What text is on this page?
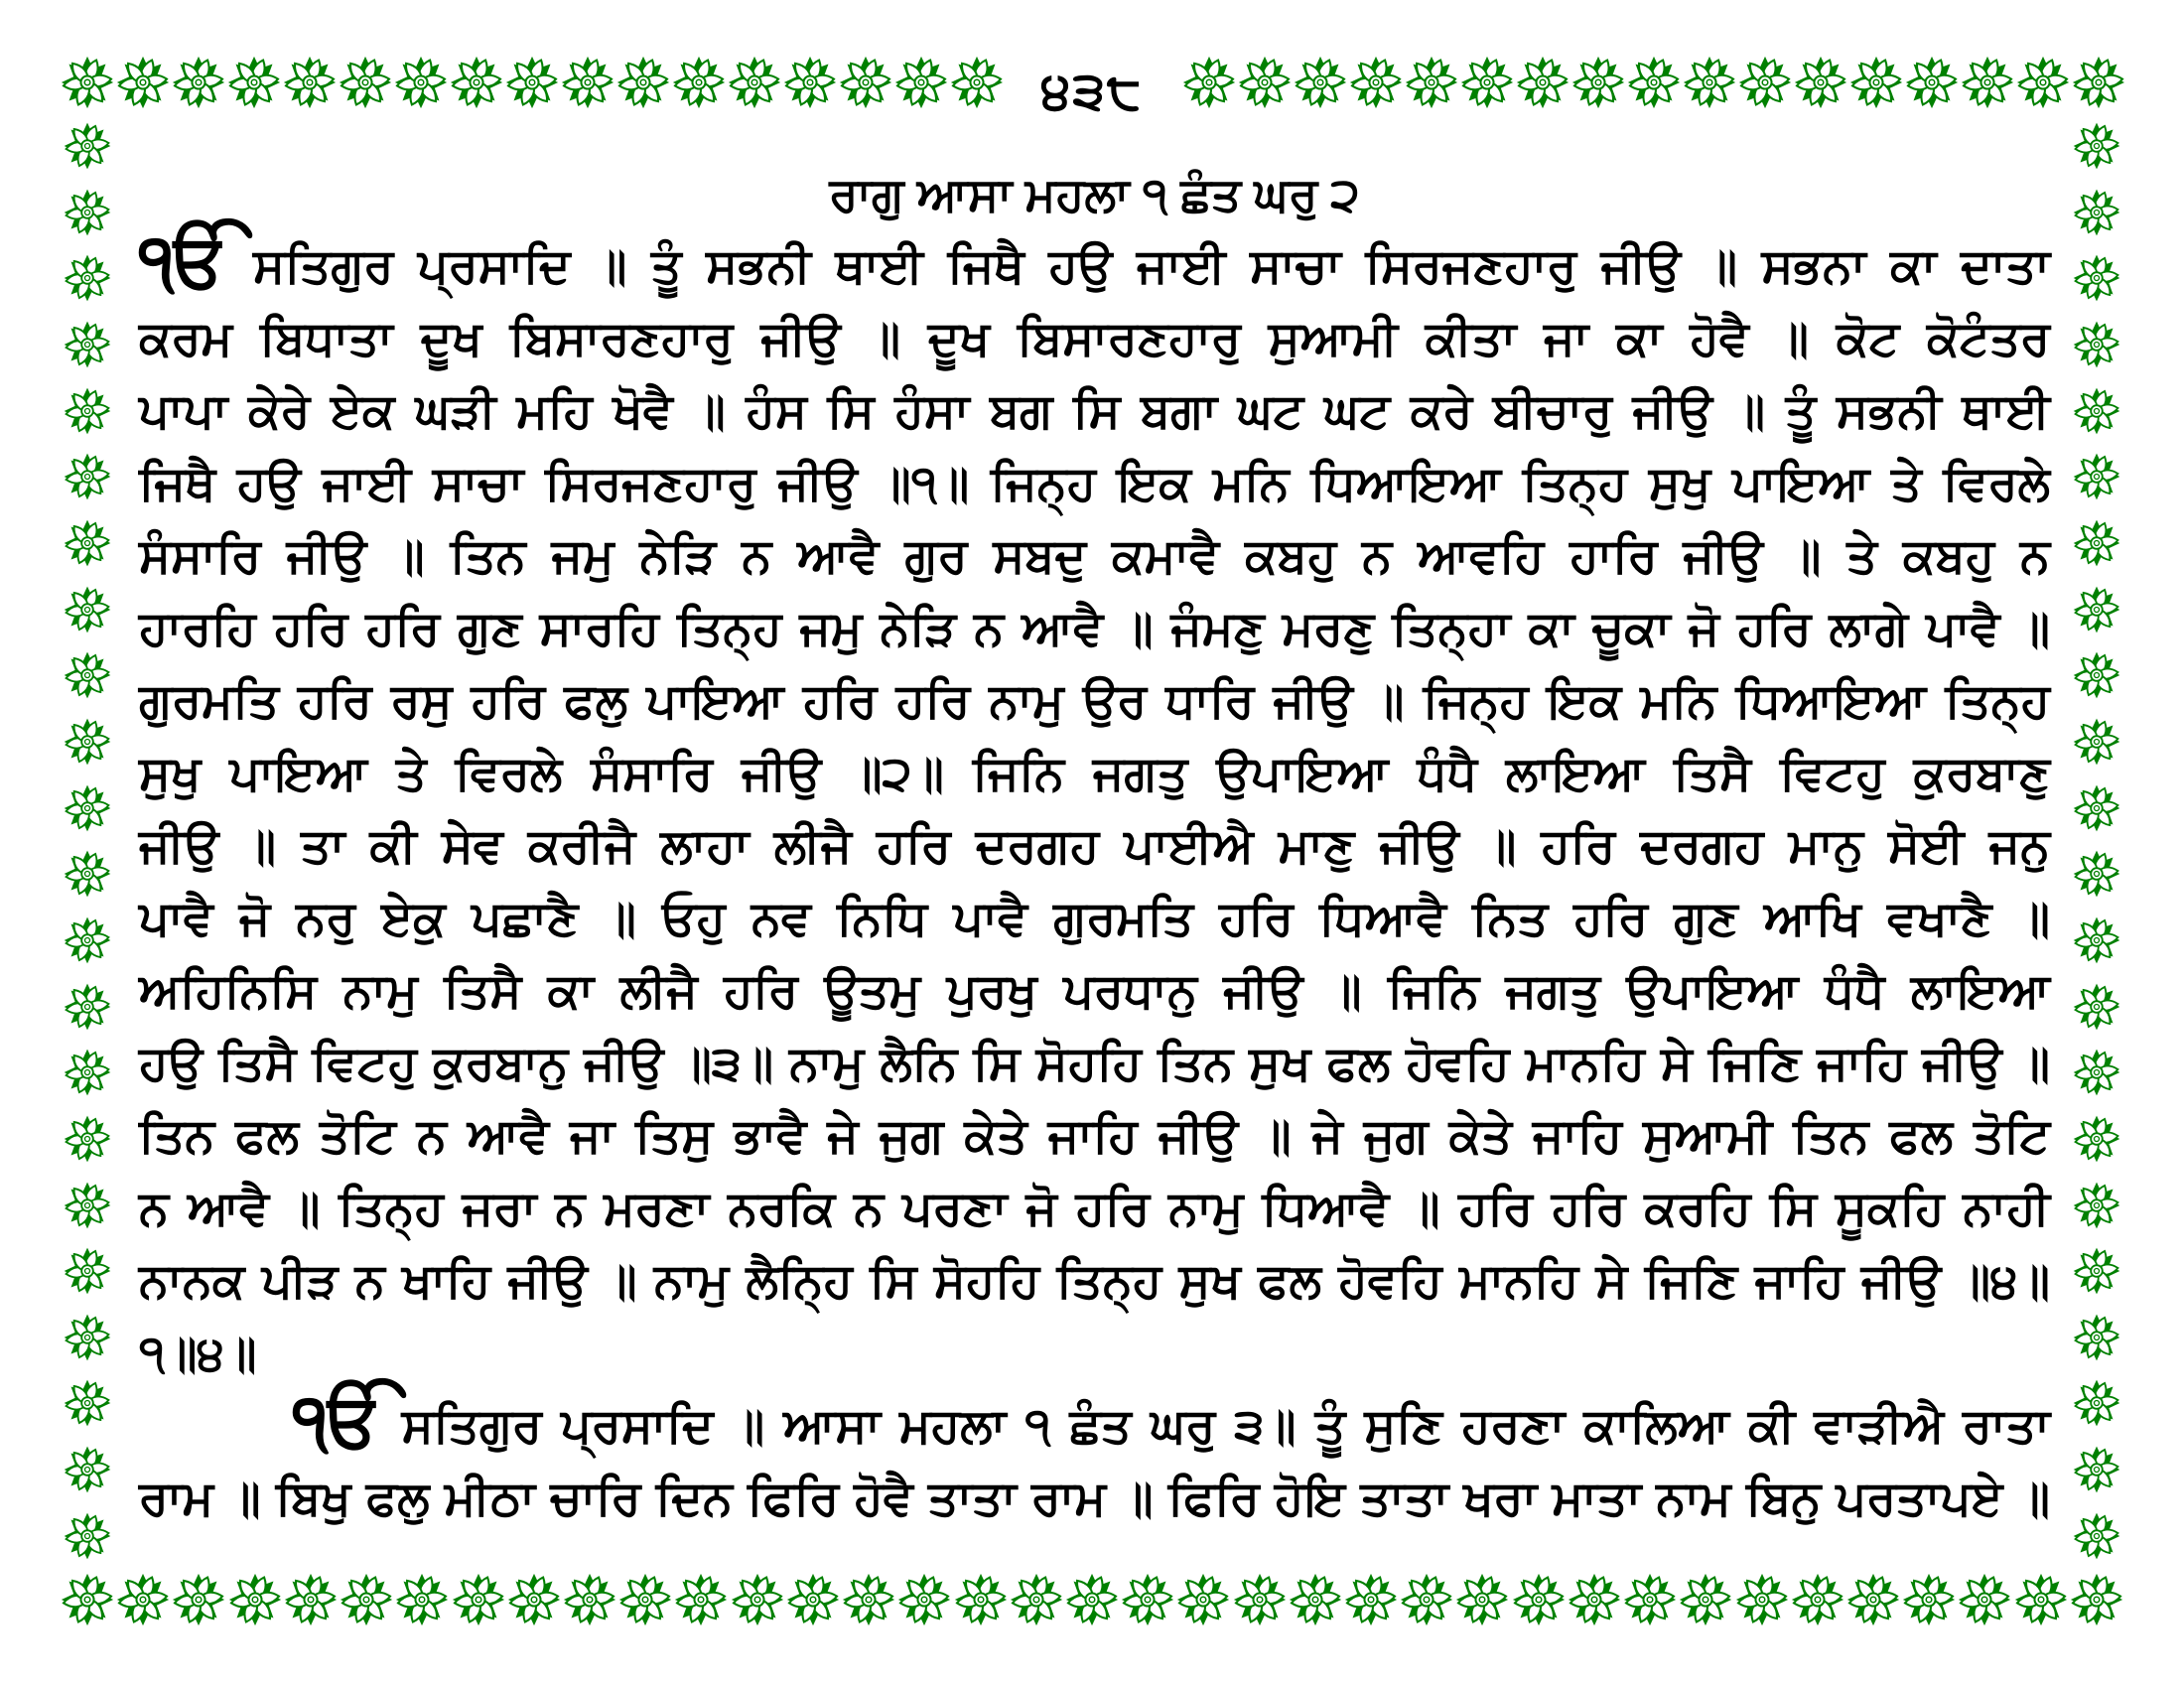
੪੩੮
ਰਾਗੁ ਆਸਾ ਮਹਲਾ ੧ ਛੰਤ ਘਰੁ ੨
ੴ ਸਤਿਗੁਰ ਪ੍ਰਸਾਦਿ ॥ ਤੂੰ ਸਭਨੀ ਥਾਈ ਜਿਥੈ ਹਉ ਜਾਈ ਸਾਚਾ ਸਿਰਜਣਹਾਰੁ ਜੀਉ ॥ ਸਭਨਾ ਕਾ ਦਾਤਾ
ਕਰਮ ਬਿਧਾਤਾ ਦੂਖ ਬਿਸਾਰਣਹਾਰੁ ਜੀਉ ॥ ਦੂਖ ਬਿਸਾਰਣਹਾਰੁ ਸੁਆਮੀ ਕੀਤਾ ਜਾ ਕਾ ਹੋਵੈ ॥ ਕੋਟ ਕੋਟੰਤਰ
ਪਾਪਾ ਕੇਰੇ ਏਕ ਘੜੀ ਮਹਿ ਖੋਵੈ ॥ ਹੰਸ ਸਿ ਹੰਸਾ ਬਗ ਸਿ ਬਗਾ ਘਟ ਘਟ ਕਰੇ ਬੀਚਾਰੁ ਜੀਉ ॥ ਤੂੰ ਸਭਨੀ ਥਾਈ
ਜਿਥੈ ਹਉ ਜਾਈ ਸਾਚਾ ਸਿਰਜਣਹਾਰੁ ਜੀਉ ॥੧॥ ਜਿਨ੍ਹ ਇਕ ਮਨਿ ਧਿਆਇਆ ਤਿਨ੍ਹ ਸੁਖੁ ਪਾਇਆ ਤੇ ਵਿਰਲੇ
ਸੰਸਾਰਿ ਜੀਉ ॥ ਤਿਨ ਜਮੁ ਨੇੜਿ ਨ ਆਵੈ ਗੁਰ ਸਬਦੁ ਕਮਾਵੈ ਕਬਹੁ ਨ ਆਵਹਿ ਹਾਰਿ ਜੀਉ ॥ ਤੇ ਕਬਹੁ ਨ
ਹਾਰਹਿ ਹਰਿ ਹਰਿ ਗੁਣ ਸਾਰਹਿ ਤਿਨ੍ਹ ਜਮੁ ਨੇੜਿ ਨ ਆਵੈ ॥ ਜੰਮਣੁ ਮਰਣੁ ਤਿਨ੍ਹਾ ਕਾ ਚੂਕਾ ਜੋ ਹਰਿ ਲਾਗੇ ਪਾਵੈ ॥
ਗੁਰਮਤਿ ਹਰਿ ਰਸੁ ਹਰਿ ਫਲੁ ਪਾਇਆ ਹਰਿ ਹਰਿ ਨਾਮੁ ਉਰ ਧਾਰਿ ਜੀਉ ॥ ਜਿਨ੍ਹ ਇਕ ਮਨਿ ਧਿਆਇਆ ਤਿਨ੍ਹ
ਸੁਖੁ ਪਾਇਆ ਤੇ ਵਿਰਲੇ ਸੰਸਾਰਿ ਜੀਉ ॥੨॥ ਜਿਨਿ ਜਗਤੁ ਉਪਾਇਆ ਧੰਧੈ ਲਾਇਆ ਤਿਸੈ ਵਿਟਹੁ ਕੁਰਬਾਣੁ
ਜੀਉ ॥ ਤਾ ਕੀ ਸੇਵ ਕਰੀਜੈ ਲਾਹਾ ਲੀਜੈ ਹਰਿ ਦਰਗਹ ਪਾਈਐ ਮਾਣੁ ਜੀਉ ॥ ਹਰਿ ਦਰਗਹ ਮਾਨੁ ਸੋਈ ਜਨੁ
ਪਾਵੈ ਜੋ ਨਰੁ ਏਕੁ ਪਛਾਣੈ ॥ ਓਹੁ ਨਵ ਨਿਧਿ ਪਾਵੈ ਗੁਰਮਤਿ ਹਰਿ ਧਿਆਵੈ ਨਿਤ ਹਰਿ ਗੁਣ ਆਖਿ ਵਖਾਣੈ ॥
ਅਹਿਨਿਸਿ ਨਾਮੁ ਤਿਸੈ ਕਾ ਲੀਜੈ ਹਰਿ ਊਤਮੁ ਪੁਰਖੁ ਪਰਧਾਨੁ ਜੀਉ ॥ ਜਿਨਿ ਜਗਤੁ ਉਪਾਇਆ ਧੰਧੈ ਲਾਇਆ
ਹਉ ਤਿਸੈ ਵਿਟਹੁ ਕੁਰਬਾਨੁ ਜੀਉ ॥੩॥ ਨਾਮੁ ਲੈਨਿ ਸਿ ਸੋਹਹਿ ਤਿਨ ਸੁਖ ਫਲ ਹੋਵਹਿ ਮਾਨਹਿ ਸੇ ਜਿਣਿ ਜਾਹਿ ਜੀਉ ॥
ਤਿਨ ਫਲ ਤੋਟਿ ਨ ਆਵੈ ਜਾ ਤਿਸੁ ਭਾਵੈ ਜੇ ਜੁਗ ਕੇਤੇ ਜਾਹਿ ਜੀਉ ॥ ਜੇ ਜੁਗ ਕੇਤੇ ਜਾਹਿ ਸੁਆਮੀ ਤਿਨ ਫਲ ਤੋਟਿ
ਨ ਆਵੈ ॥ ਤਿਨ੍ਹ ਜਰਾ ਨ ਮਰਣਾ ਨਰਕਿ ਨ ਪਰਣਾ ਜੋ ਹਰਿ ਨਾਮੁ ਧਿਆਵੈ ॥ ਹਰਿ ਹਰਿ ਕਰਹਿ ਸਿ ਸੂਕਹਿ ਨਾਹੀ
ਨਾਨਕ ਪੀੜ ਨ ਖਾਹਿ ਜੀਉ ॥ ਨਾਮੁ ਲੈਨ੍ਹਿ ਸਿ ਸੋਹਹਿ ਤਿਨ੍ਹ ਸੁਖ ਫਲ ਹੋਵਹਿ ਮਾਨਹਿ ਸੇ ਜਿਣਿ ਜਾਹਿ ਜੀਉ ॥੪॥
੧॥੪॥
ੴ ਸਤਿਗੁਰ ਪ੍ਰਸਾਦਿ ॥ ਆਸਾ ਮਹਲਾ ੧ ਛੰਤ ਘਰੁ ੩॥ ਤੂੰ ਸੁਣਿ ਹਰਣਾ ਕਾਲਿਆ ਕੀ ਵਾੜੀਐ ਰਾਤਾ
ਰਾਮ ॥ ਬਿਖੁ ਫਲੁ ਮੀਠਾ ਚਾਰਿ ਦਿਨ ਫਿਰਿ ਹੋਵੈ ਤਾਤਾ ਰਾਮ ॥ ਫਿਰਿ ਹੋਇ ਤਾਤਾ ਖਰਾ ਮਾਤਾ ਨਾਮ ਬਿਨੁ ਪਰਤਾਪਏ ॥
